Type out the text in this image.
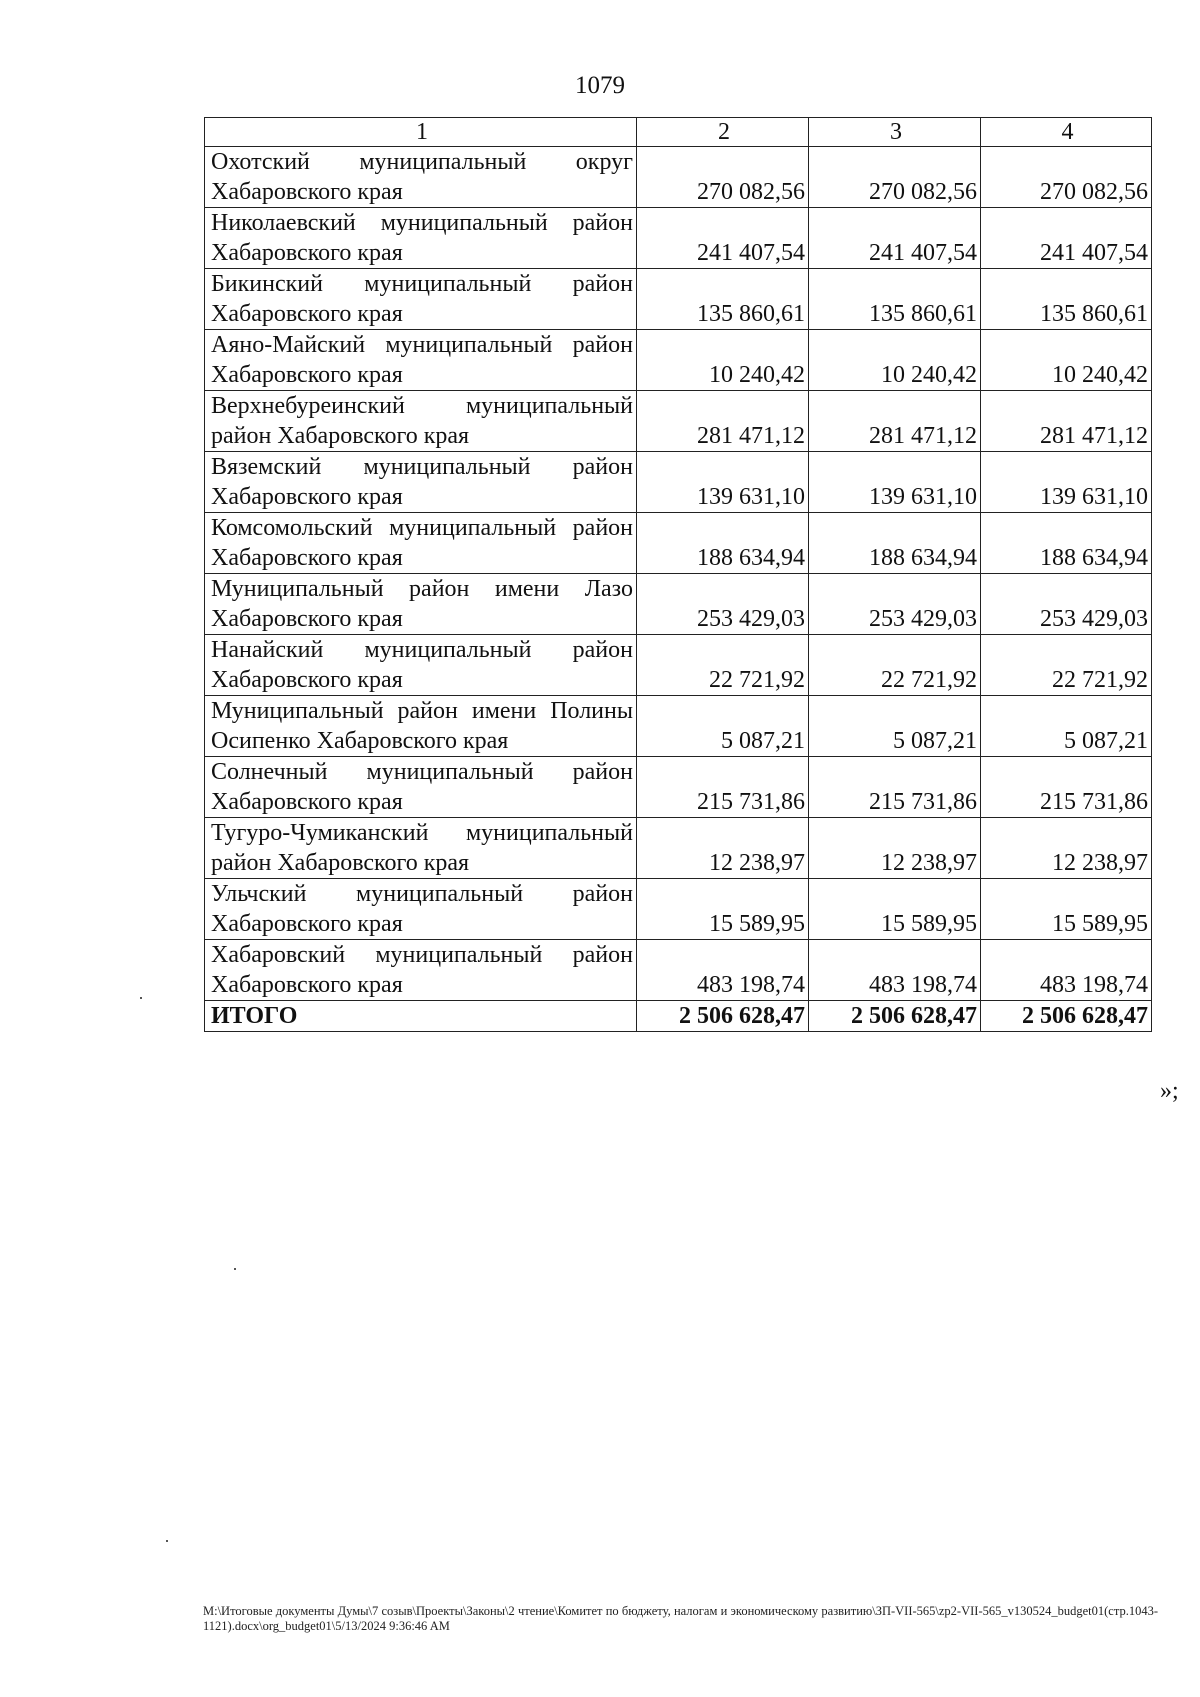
1079
1	2	3	4
Охотский муниципальный округ Хабаровского края	270 082,56	270 082,56	270 082,56
Николаевский муниципальный район Хабаровского края	241 407,54	241 407,54	241 407,54
Бикинский муниципальный район Хабаровского края	135 860,61	135 860,61	135 860,61
Аяно-Майский муниципальный район Хабаровского края	10 240,42	10 240,42	10 240,42
Верхнебуреинский муниципальный район Хабаровского края	281 471,12	281 471,12	281 471,12
Вяземский муниципальный район Хабаровского края	139 631,10	139 631,10	139 631,10
Комсомольский муниципальный район Хабаровского края	188 634,94	188 634,94	188 634,94
Муниципальный район имени Лазо Хабаровского края	253 429,03	253 429,03	253 429,03
Нанайский муниципальный район Хабаровского края	22 721,92	22 721,92	22 721,92
Муниципальный район имени Полины Осипенко Хабаровского края	5 087,21	5 087,21	5 087,21
Солнечный муниципальный район Хабаровского края	215 731,86	215 731,86	215 731,86
Тугуро-Чумиканский муниципальный район Хабаровского края	12 238,97	12 238,97	12 238,97
Ульчский муниципальный район Хабаровского края	15 589,95	15 589,95	15 589,95
Хабаровский муниципальный район Хабаровского края	483 198,74	483 198,74	483 198,74
ИТОГО	2 506 628,47	2 506 628,47	2 506 628,47
»;
M:\Итоговые документы Думы\7 созыв\Проекты\Законы\2 чтение\Комитет по бюджету, налогам и экономическому развитию\ЗП-VII-565\zp2-VII-565_v130524_budget01(стр.1043-1121).docx\org_budget01\5/13/2024 9:36:46 AM
